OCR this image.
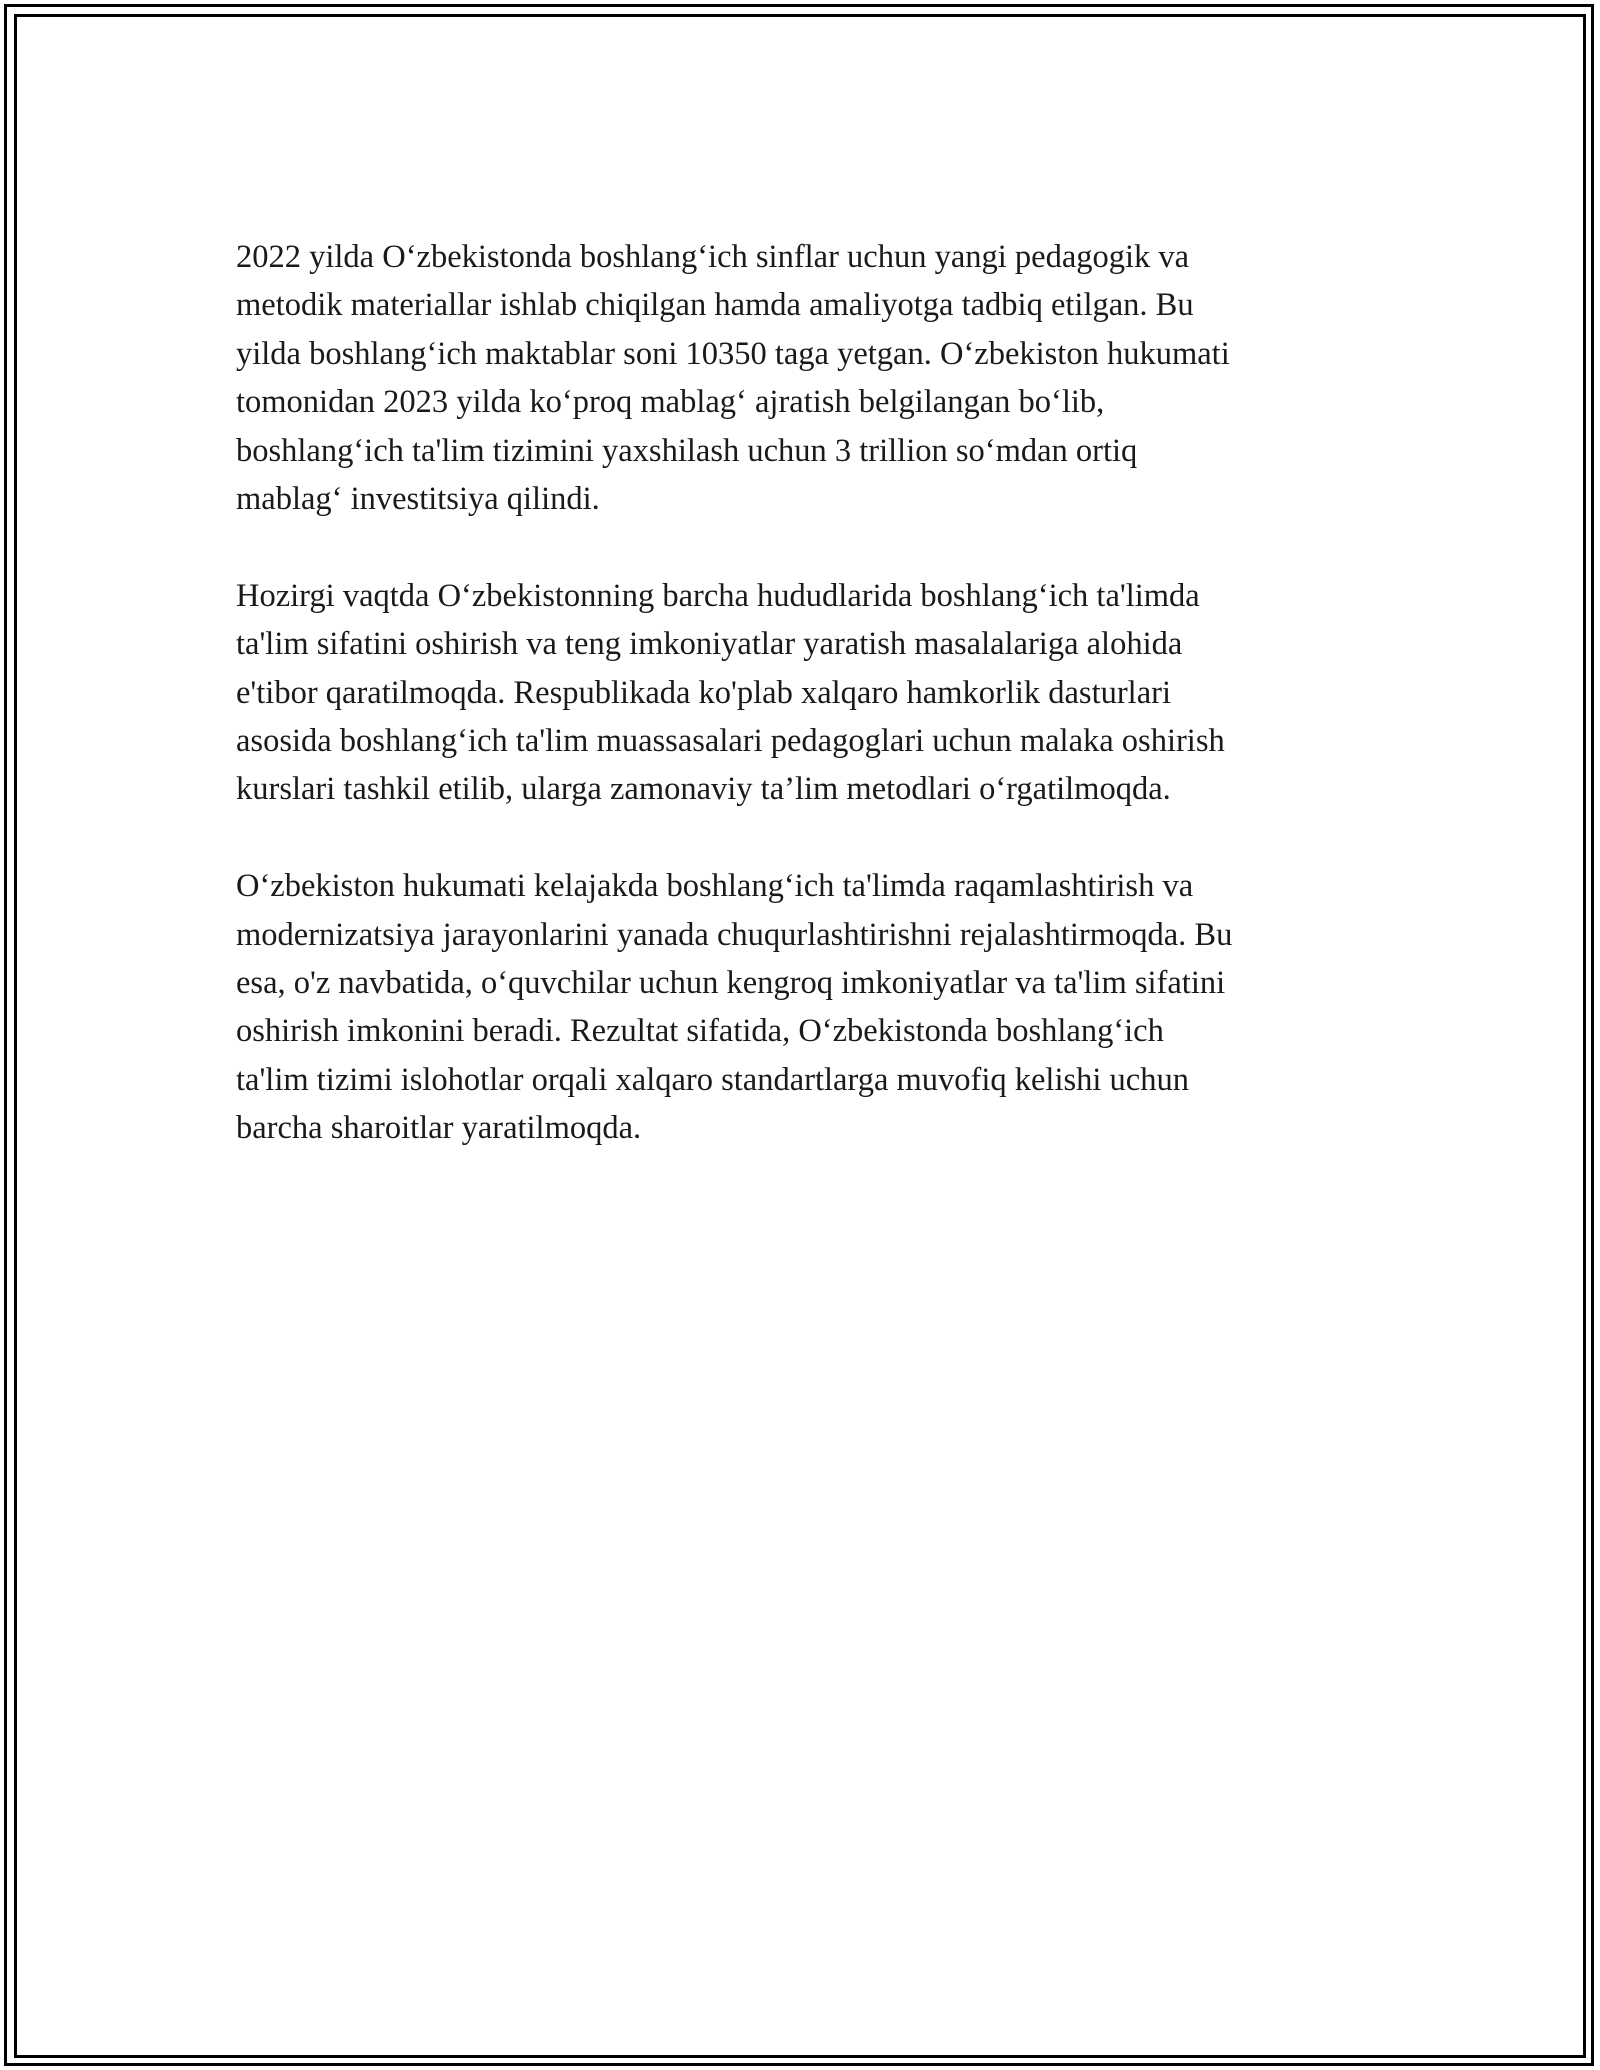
2022 yilda O‘zbekistonda boshlang‘ich sinflar uchun yangi pedagogik va
metodik materiallar ishlab chiqilgan hamda amaliyotga tadbiq etilgan. Bu
yilda boshlang‘ich maktablar soni 10350 taga yetgan. O‘zbekiston hukumati
tomonidan 2023 yilda ko‘proq mablag‘ ajratish belgilangan bo‘lib,
boshlang‘ich ta'lim tizimini yaxshilash uchun 3 trillion so‘mdan ortiq
mablag‘ investitsiya qilindi.

Hozirgi vaqtda O‘zbekistonning barcha hududlarida boshlang‘ich ta'limda
ta'lim sifatini oshirish va teng imkoniyatlar yaratish masalalariga alohida
e'tibor qaratilmoqda. Respublikada ko'plab xalqaro hamkorlik dasturlari
asosida boshlang‘ich ta'lim muassasalari pedagoglari uchun malaka oshirish
kurslari tashkil etilib, ularga zamonaviy ta’lim metodlari o‘rgatilmoqda.

O‘zbekiston hukumati kelajakda boshlang‘ich ta'limda raqamlashtirish va
modernizatsiya jarayonlarini yanada chuqurlashtirishni rejalashtirmoqda. Bu
esa, o'z navbatida, o‘quvchilar uchun kengroq imkoniyatlar va ta'lim sifatini
oshirish imkonini beradi. Rezultat sifatida, O‘zbekistonda boshlang‘ich
ta'lim tizimi islohotlar orqali xalqaro standartlarga muvofiq kelishi uchun
barcha sharoitlar yaratilmoqda.
